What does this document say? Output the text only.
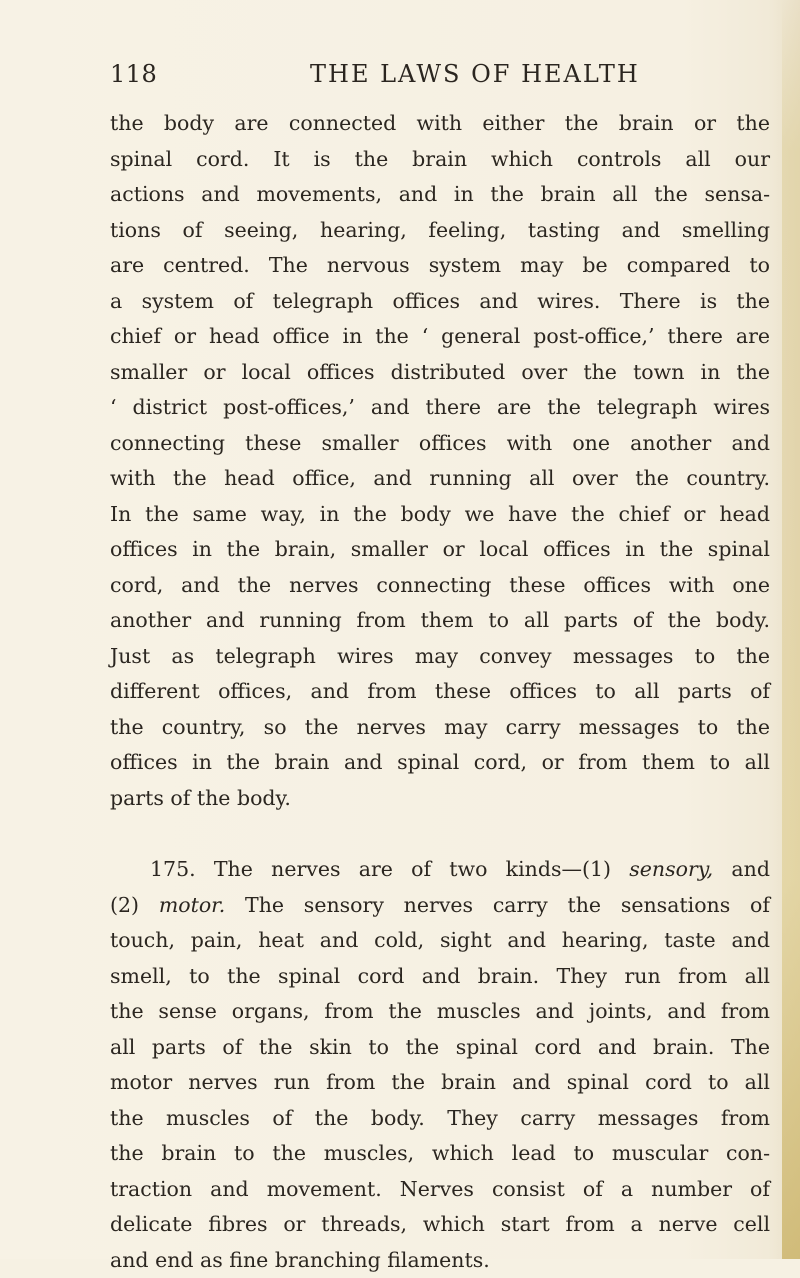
118	THE LAWS OF HEALTH
the body are connected with either the brain or the
spinal cord. It is the brain which controls all our
actions and movements, and in the brain all the sensa-
tions of seeing, hearing, feeling, tasting and smelling
are centred. The nervous system may be compared to
a system of telegraph offices and wires. There is the
chief or head office in the ‘ general post-office,’ there are
smaller or local offices distributed over the town in the
‘ district post-offices,’ and there are the telegraph wires
connecting these smaller offices with one another and
with the head office, and running all over the country.
In the same way, in the body we have the chief or head
offices in the brain, smaller or local offices in the spinal
cord, and the nerves connecting these offices with one
another and running from them to all parts of the body.
Just as telegraph wires may convey messages to the
different offices, and from these offices to all parts of
the country, so the nerves may carry messages to the
offices in the brain and spinal cord, or from them to all
parts of the body.
175. The nerves are of two kinds—(1) sensory, and
(2) motor. The sensory nerves carry the sensations of
touch, pain, heat and cold, sight and hearing, taste and
smell, to the spinal cord and brain. They run from all
the sense organs, from the muscles and joints, and from
all parts of the skin to the spinal cord and brain. The
motor nerves run from the brain and spinal cord to all
the muscles of the body. They carry messages from
the brain to the muscles, which lead to muscular con-
traction and movement. Nerves consist of a number of
delicate fibres or threads, which start from a nerve cell
and end as fine branching filaments.
